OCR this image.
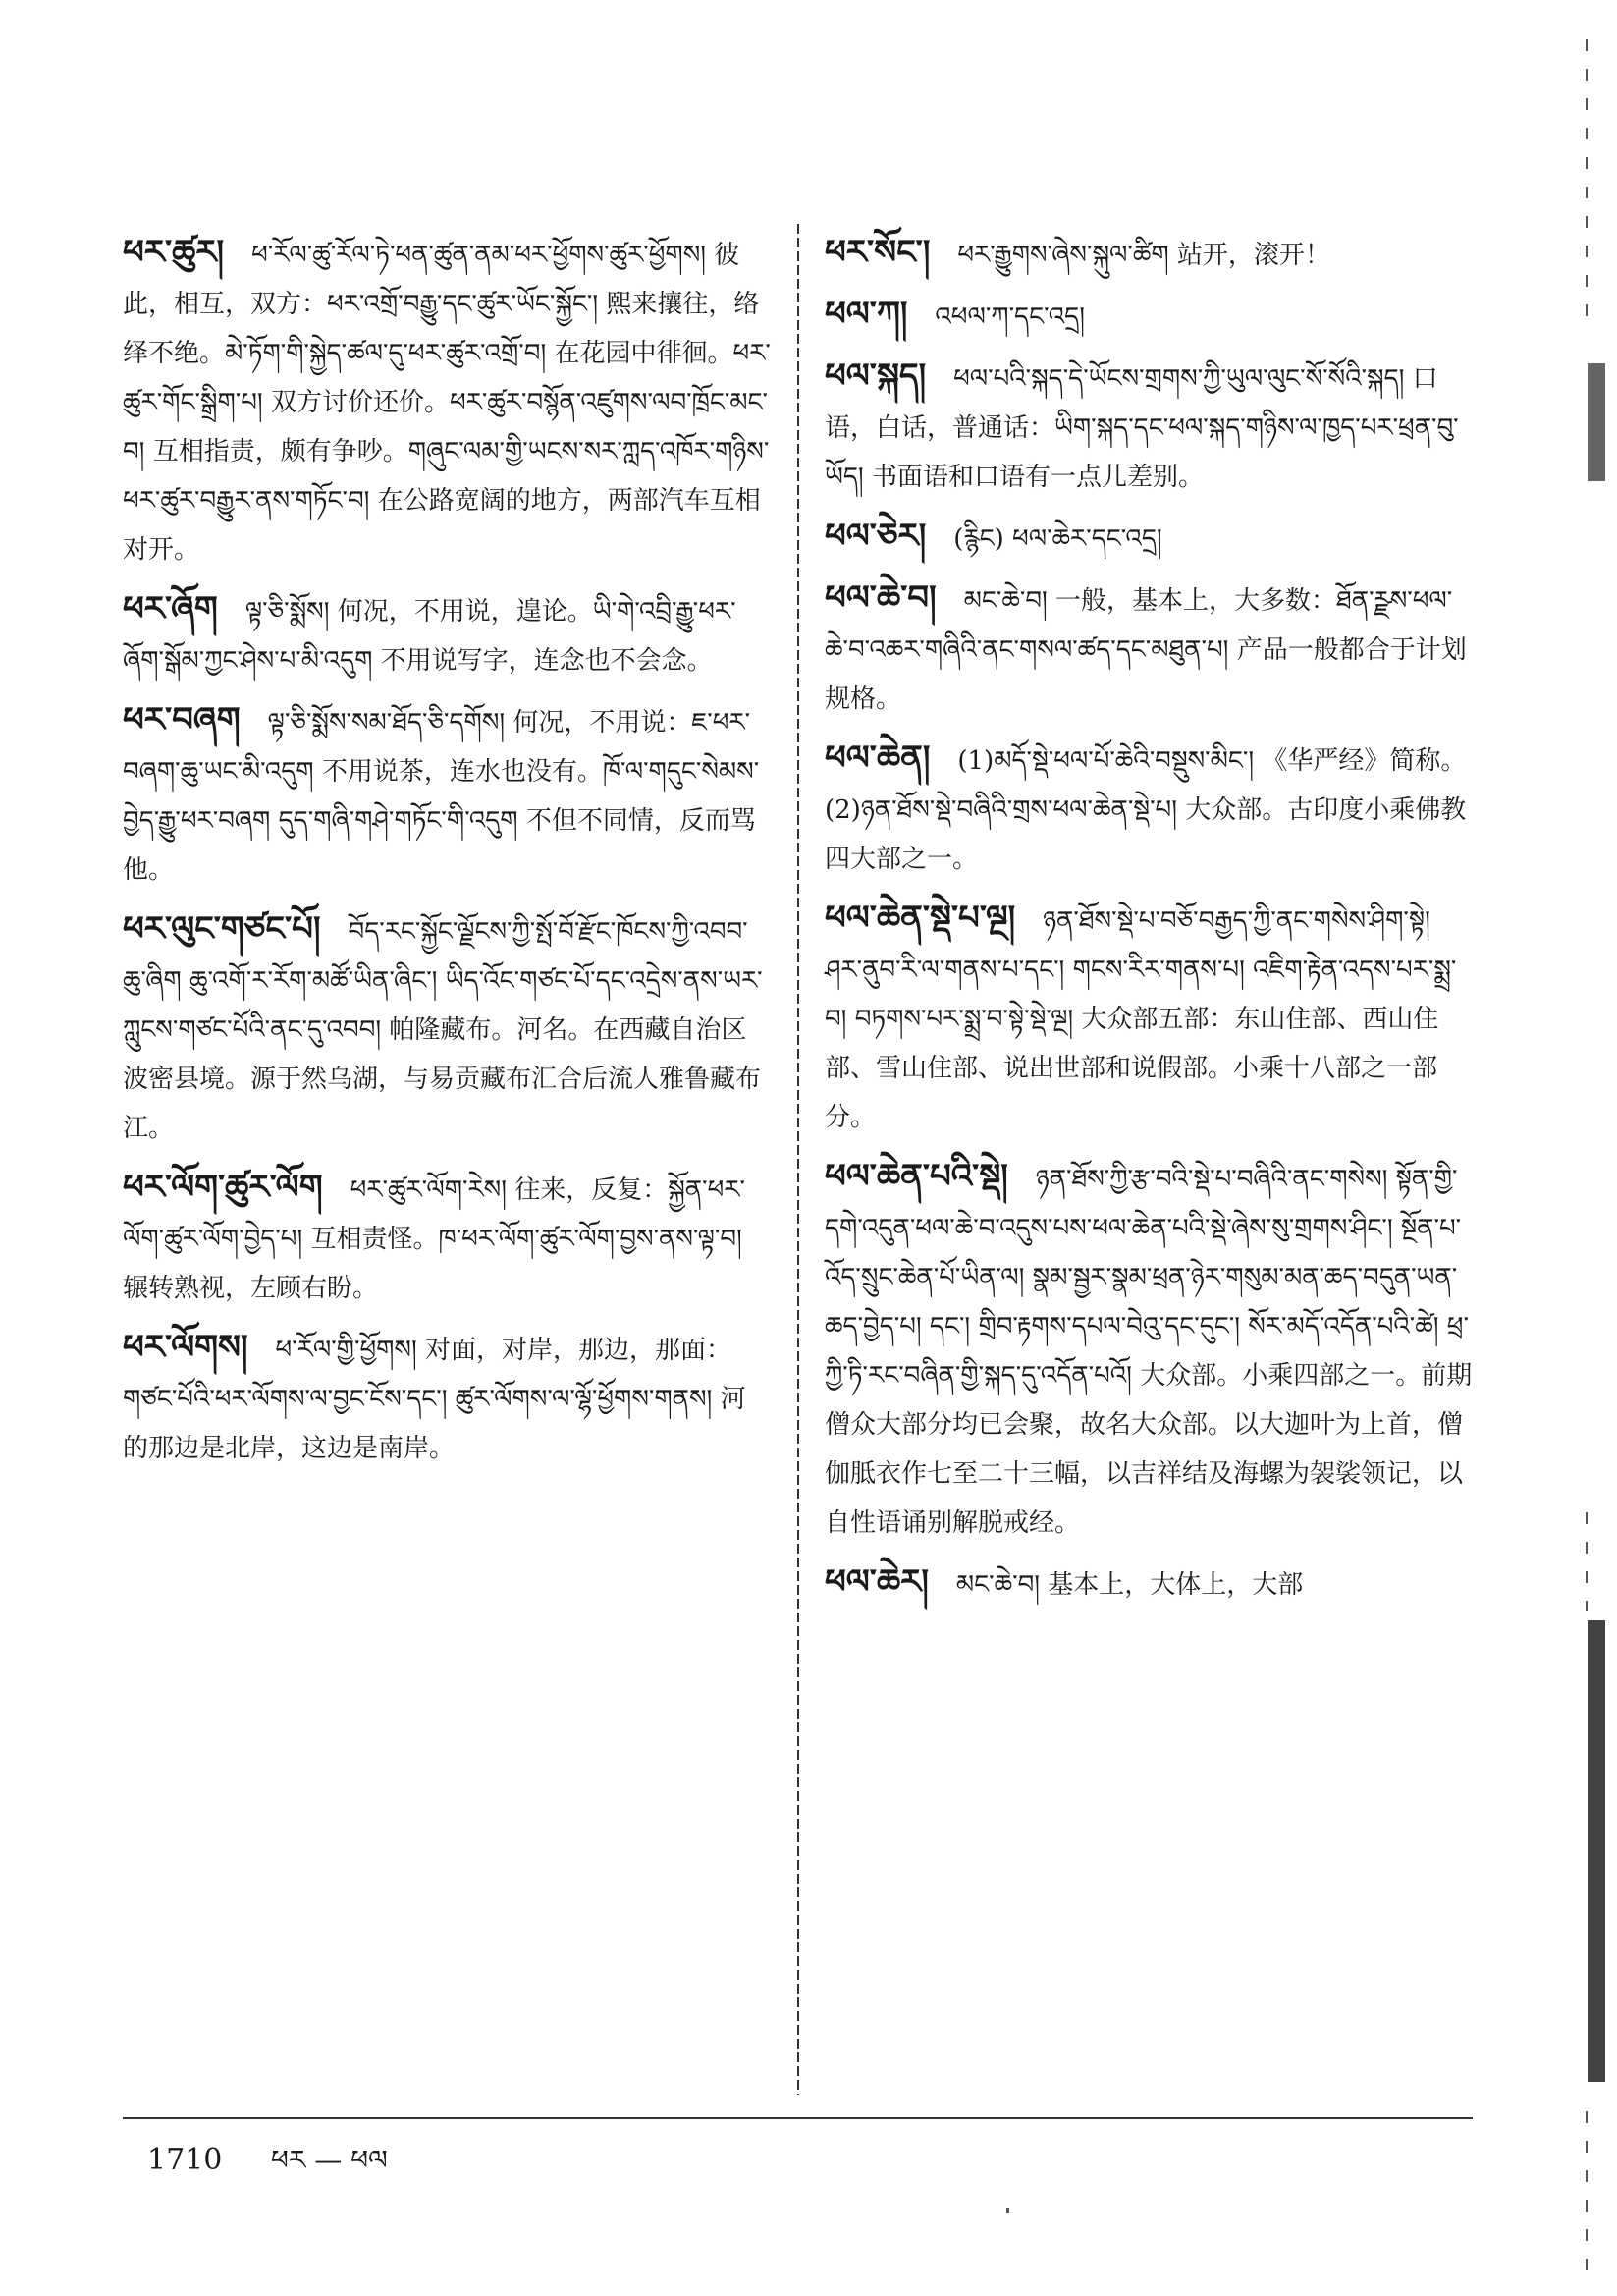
ཕར་ཚུར། ཕ་རོལ་ཚུ་རོལ་ཏེ་ཕན་ཚུན་ནམ་ཕར་ཕྱོགས་ཚུར་ཕྱོགས། 彼此，相互，双方：ཕར་འགྲོ་བརྒྱུ་དང་ཚུར་ཡོང་སྐྱོང་། 熙来攘往，络绎不绝。མེ་ཏོག་གི་སྐྱེད་ཚལ་དུ་ཕར་ཚུར་འགྲོ་བ། 在花园中徘徊。ཕར་ཚུར་གོང་སྒྲིག་པ། 双方讨价还价。ཕར་ཚུར་བསྙོན་འཛུགས་ལབ་ཁྲོང་མང་བ། 互相指责，颇有争吵。གཞུང་ལམ་གྱི་ཡངས་སར་ཀླད་འཁོར་གཉིས་ཕར་ཚུར་བརྒྱུར་ནས་གཏོང་བ། 在公路宽阔的地方，两部汽车互相对开。
ཕར་ཞོག ལྟ་ཅི་སྨོས། 何况，不用说，遑论。ཡི་གེ་འབྲི་རྒྱུ་ཕར་ཞོག་སྒོམ་ཀྱང་ཤེས་པ་མི་འདུག 不用说写字，连念也不会念。
ཕར་བཞག ལྟ་ཅི་སྨོས་སམ་ཐོད་ཅི་དགོས། 何况，不用说：ཇ་ཕར་བཞག་ཆུ་ཡང་མི་འདུག 不用说茶，连水也没有。ཁོ་ལ་གདུང་སེམས་བྱེད་རྒྱུ་ཕར་བཞག དུད་གཞི་གཤེ་གཏོང་གི་འདུག 不但不同情，反而骂他。
ཕར་ལུང་གཙང་པོ། བོད་རང་སྐྱོང་ལྗོངས་ཀྱི་སྤོ་བོ་རྫོང་ཁོངས་ཀྱི་འབབ་ཆུ་ཞིག ཆུ་འགོ་ར་རོག་མཚོ་ཡིན་ཞིང་། ཡིད་འོང་གཙང་པོ་དང་འདྲེས་ནས་ཡར་ཀླུངས་གཙང་པོའི་ནང་དུ་འབབ། 帕隆藏布。河名。在西藏自治区波密县境。源于然乌湖，与易贡藏布汇合后流人雅鲁藏布江。
ཕར་ལོག་ཚུར་ལོག ཕར་ཚུར་ལོག་རེས། 往来，反复：སྐྱོན་ཕར་ལོག་ཚུར་ལོག་བྱེད་པ། 互相责怪。ཁ་ཕར་ལོག་ཚུར་ལོག་བྱས་ནས་ལྟ་བ། 辗转熟视，左顾右盼。
ཕར་ལོགས། ཕ་རོལ་གྱི་ཕྱོགས། 对面，对岸，那边，那面：གཙང་པོའི་ཕར་ལོགས་ལ་བྱང་ངོས་དང་། ཚུར་ལོགས་ལ་ལྷོ་ཕྱོགས་གནས། 河的那边是北岸，这边是南岸。
ཕར་སོང་། ཕར་རྒྱུགས་ཞེས་སྐུལ་ཚིག 站开，滚开！
ཕལ་ཀ། འཕལ་ཀ་དང་འདྲ།
ཕལ་སྐད། ཕལ་པའི་སྐད་དེ་ཡོངས་གྲགས་ཀྱི་ཡུལ་ལུང་སོ་སོའི་སྐད། 口语，白话，普通话：ཡིག་སྐད་དང་ཕལ་སྐད་གཉིས་ལ་ཁྱད་པར་ཕྲན་བུ་ཡོད། 书面语和口语有一点儿差别。
ཕལ་ཅེར། (རྙིང) ཕལ་ཆེར་དང་འདྲ།
ཕལ་ཆེ་བ། མང་ཆེ་བ། 一般，基本上，大多数：ཐོན་ཪྫས་ཕལ་ཆེ་བ་འཆར་གཞིའི་ནང་གསལ་ཚད་དང་མཐུན་པ། 产品一般都合于计划规格。
ཕལ་ཆེན། (1)མདོ་སྡེ་ཕལ་པོ་ཆེའི་བསྡུས་མིང་། 《华严经》简称。 (2)ཉན་ཐོས་སྡེ་བཞིའི་གྲས་ཕལ་ཆེན་སྡེ་པ། 大众部。古印度小乘佛教四大部之一。
ཕལ་ཆེན་སྡེ་པ་ལྔ། ཉན་ཐོས་སྡེ་པ་བཅོ་བརྒྱད་ཀྱི་ནང་གསེས་ཤིག་སྟེ། ཤར་ནུབ་རི་ལ་གནས་པ་དང་། གངས་རིར་གནས་པ། འཇིག་རྟེན་འདས་པར་སྨྲ་བ། བཏགས་པར་སྨྲ་བ་སྟེ་སྡེ་ལྔ། 大众部五部：东山住部、西山住部、雪山住部、说出世部和说假部。小乘十八部之一部分。
ཕལ་ཆེན་པའི་སྡེ། ཉན་ཐོས་ཀྱི་རྩ་བའི་སྡེ་པ་བཞིའི་ནང་གསེས། སྟོན་གྱི་དགེ་འདུན་ཕལ་ཆེ་བ་འདུས་པས་ཕལ་ཆེན་པའི་སྡེ་ཞེས་སུ་གྲགས་ཤིང་། སྔོན་པ་འོད་སྲུང་ཆེན་པོ་ཡིན་ལ། སྣམ་སྦྱར་སྣམ་ཕྲན་ཉེར་གསུམ་མན་ཆད་བདུན་ཡན་ཆད་བྱེད་པ། དང་། གྲིབ་རྟགས་དཔལ་བེའུ་དང་དུང་། སོར་མདོ་འདོན་པའི་ཚེ། ཕྲ་ཀྱི་ཏི་རང་བཞིན་གྱི་སྐད་དུ་འདོན་པའོ། 大众部。小乘四部之一。前期僧众大部分均已会聚，故名大众部。以大迦叶为上首，僧伽胝衣作七至二十三幅，以吉祥结及海螺为袈裟领记，以自性语诵别解脱戒经。
ཕལ་ཆེར། མང་ཆེ་བ། 基本上，大体上，大部
1710 ཕར — ཕལ
